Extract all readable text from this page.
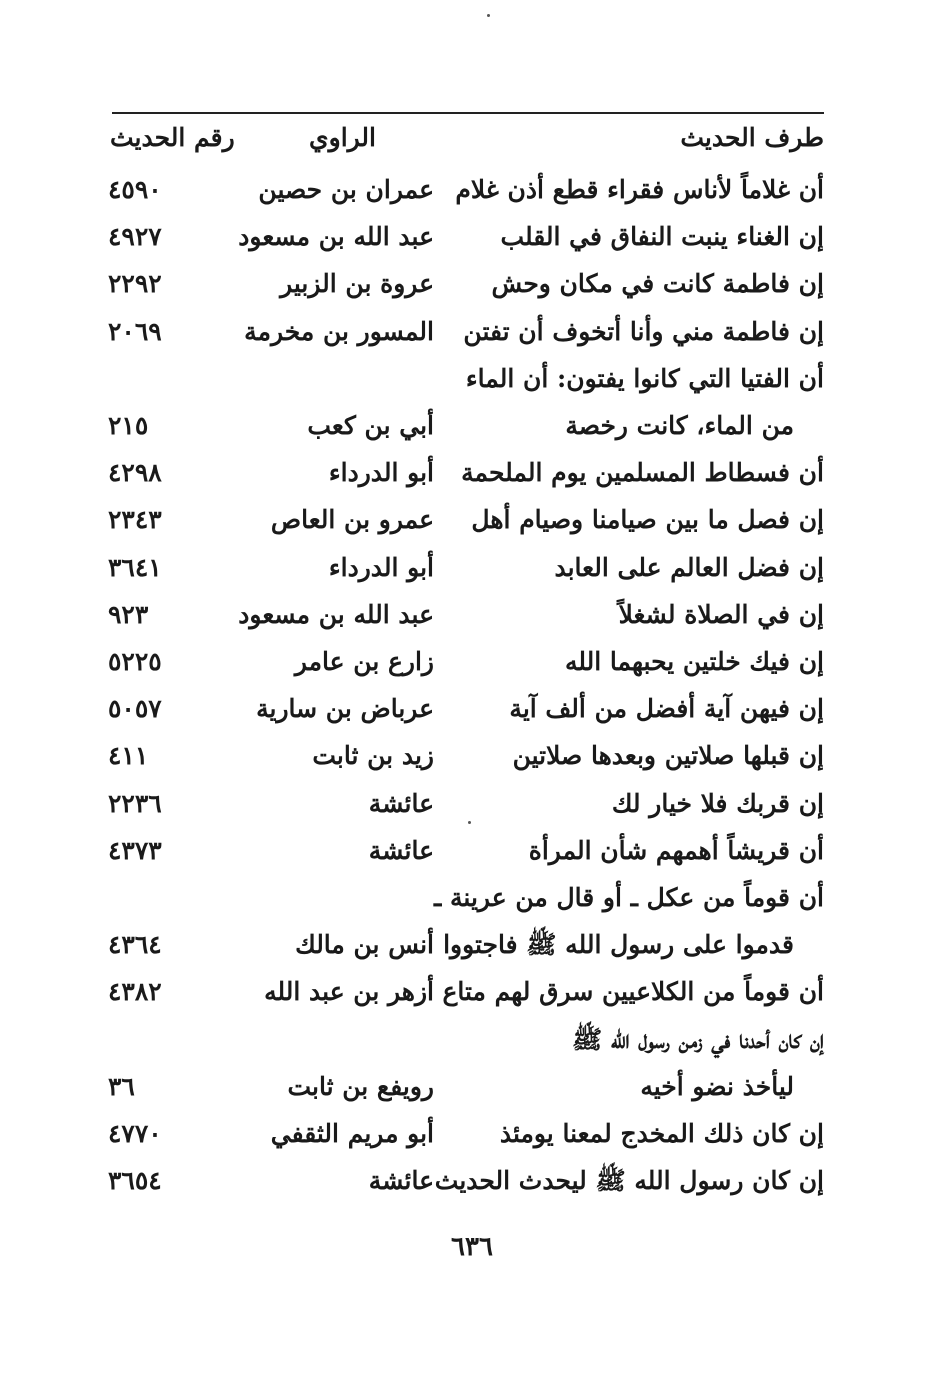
طرف الحديث
الراوي
رقم الحديث
أن غلاماً لأناس فقراء قطع أذن غلام
عمران بن حصين
٤٥٩٠
إن الغناء ينبت النفاق في القلب
عبد الله بن مسعود
٤٩٢٧
إن فاطمة كانت في مكان وحش
عروة بن الزبير
٢٢٩٢
إن فاطمة مني وأنا أتخوف أن تفتن
المسور بن مخرمة
٢٠٦٩
أن الفتيا التي كانوا يفتون: أن الماء
من الماء، كانت رخصة
أبي بن كعب
٢١٥
أن فسطاط المسلمين يوم الملحمة
أبو الدرداء
٤٢٩٨
إن فصل ما بين صيامنا وصيام أهل
عمرو بن العاص
٢٣٤٣
إن فضل العالم على العابد
أبو الدرداء
٣٦٤١
إن في الصلاة لشغلاً
عبد الله بن مسعود
٩٢٣
إن فيك خلتين يحبهما الله
زارع بن عامر
٥٢٢٥
إن فيهن آية أفضل من ألف آية
عرباض بن سارية
٥٠٥٧
إن قبلها صلاتين وبعدها صلاتين
زيد بن ثابت
٤١١
إن قربك فلا خيار لك
عائشة
٢٢٣٦
أن قريشاً أهمهم شأن المرأة
عائشة
٤٣٧٣
أن قوماً من عكل ـ أو قال من عرينة ـ
قدموا على رسول الله ﷺ فاجتووا
أنس بن مالك
٤٣٦٤
أن قوماً من الكلاعيين سرق لهم متاع
أزهر بن عبد الله
٤٣٨٢
إن كان أحدنا في زمن رسول الله ﷺ
ليأخذ نضو أخيه
رويفع بن ثابت
٣٦
إن كان ذلك المخدج لمعنا يومئذ
أبو مريم الثقفي
٤٧٧٠
إن كان رسول الله ﷺ ليحدث الحديث
عائشة
٣٦٥٤
٦٣٦
